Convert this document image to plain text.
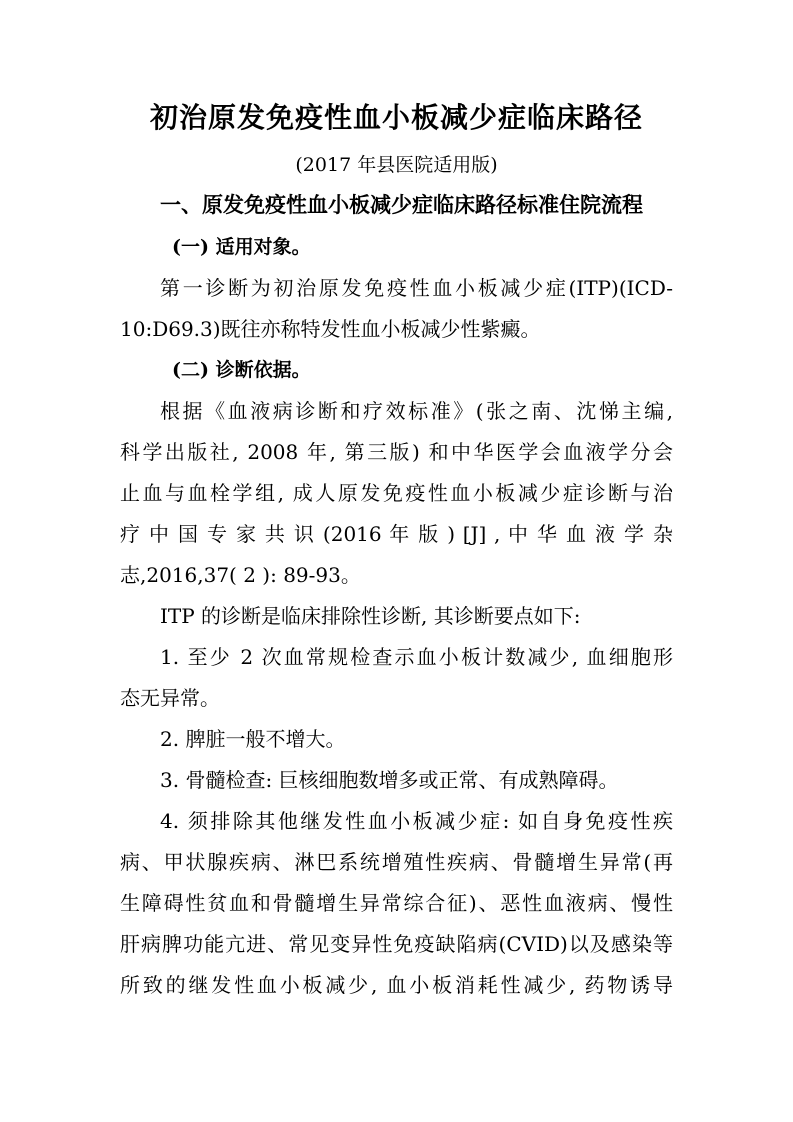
初治原发免疫性血小板减少症临床路径
(2017 年县医院适用版)
一、原发免疫性血小板减少症临床路径标准住院流程
(一) 适用对象。
第一诊断为初治原发免疫性血小板减少症(ITP)(ICD-
10:D69.3)既往亦称特发性血小板减少性紫癜。
(二) 诊断依据。
根据《血液病诊断和疗效标准》(张之南、沈悌主编,
科学出版社, 2008 年, 第三版) 和中华医学会血液学分会
止血与血栓学组, 成人原发免疫性血小板减少症诊断与治
疗 中 国 专 家 共 识 (2016 年 版 ) [J] , 中 华 血 液 学 杂
志,2016,37( 2 ): 89-93。
ITP 的诊断是临床排除性诊断, 其诊断要点如下:
1. 至少 2 次血常规检查示血小板计数减少, 血细胞形
态无异常。
2. 脾脏一般不增大。
3. 骨髓检查: 巨核细胞数增多或正常、有成熟障碍。
4. 须排除其他继发性血小板减少症: 如自身免疫性疾
病、甲状腺疾病、淋巴系统增殖性疾病、骨髓增生异常(再
生障碍性贫血和骨髓增生异常综合征)、恶性血液病、慢性
肝病脾功能亢进、常见变异性免疫缺陷病(CVID)以及感染等
所致的继发性血小板减少, 血小板消耗性减少, 药物诱导
